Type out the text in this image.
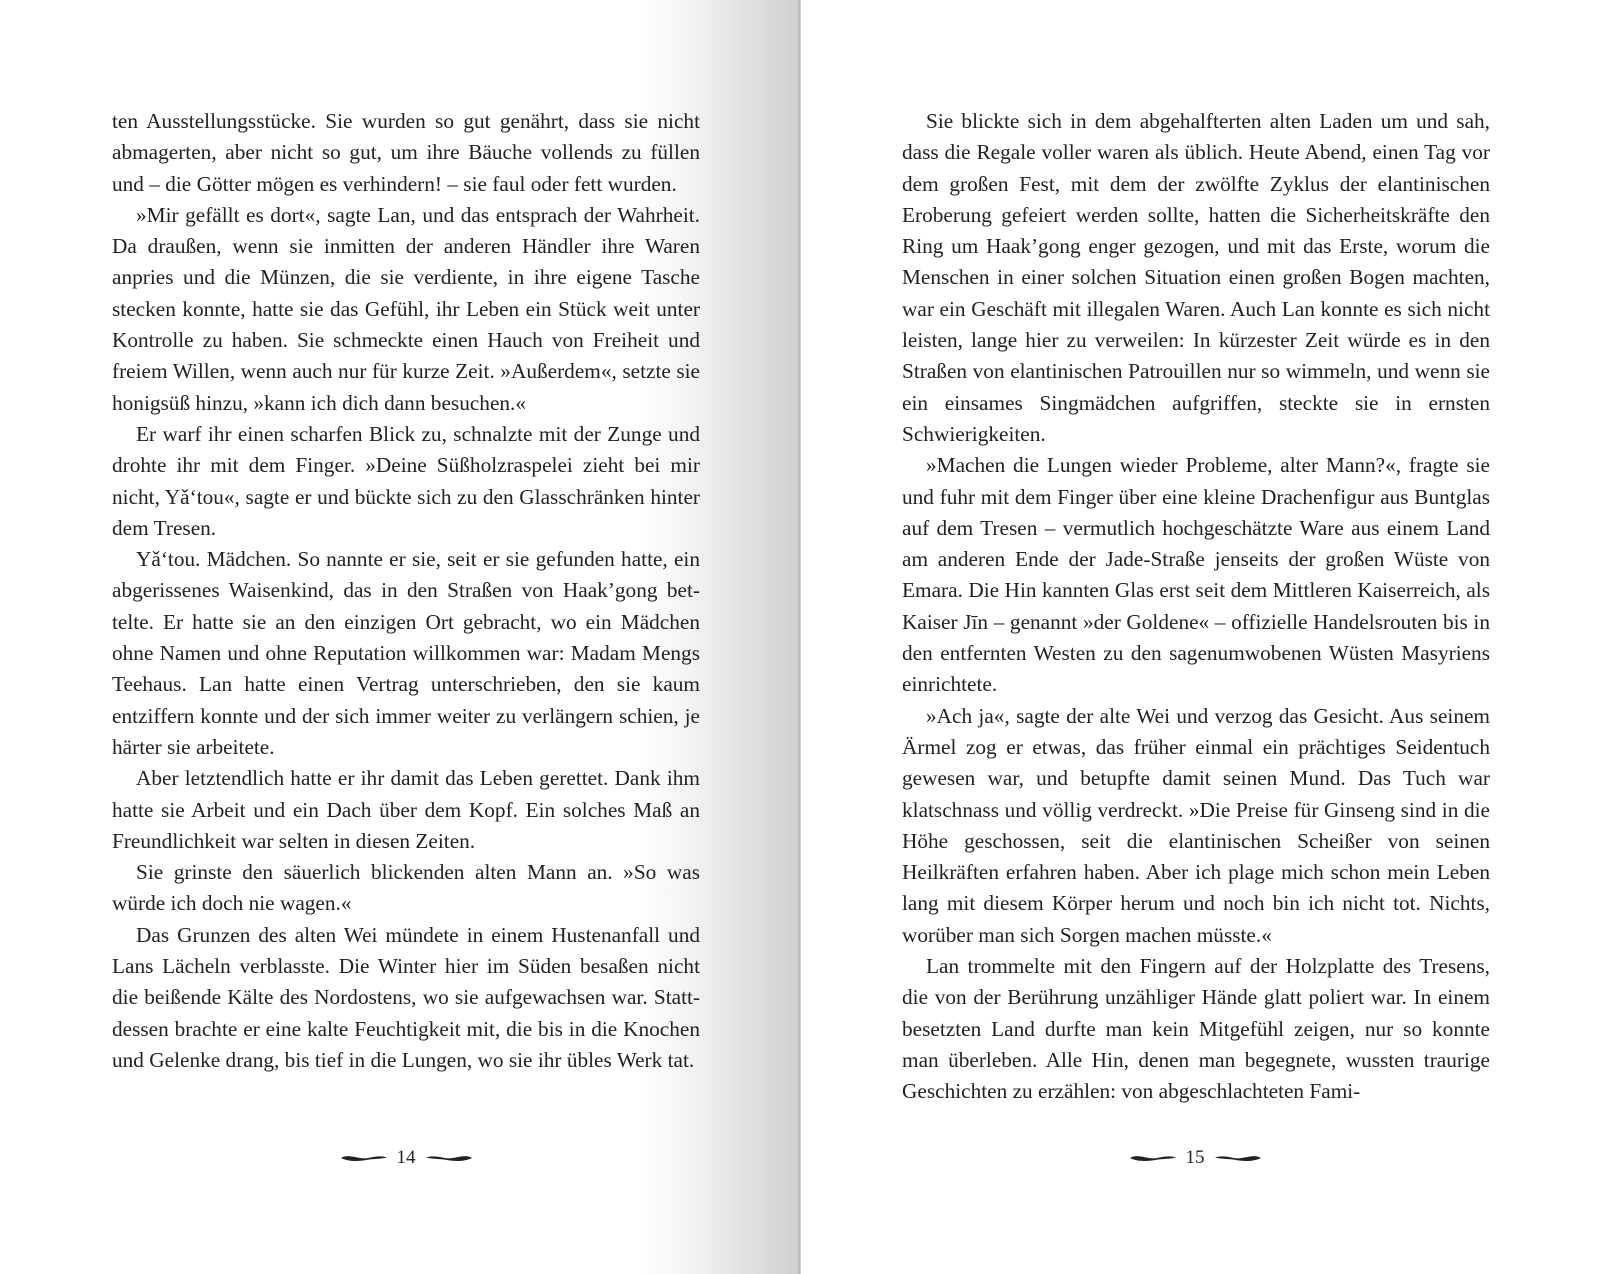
ten Ausstellungsstücke. Sie wurden so gut genährt, dass sie nicht abmagerten, aber nicht so gut, um ihre Bäuche vollends zu füllen und – die Götter mögen es verhindern! – sie faul oder fett wurden.

»Mir gefällt es dort«, sagte Lan, und das entsprach der Wahrheit. Da draußen, wenn sie inmitten der anderen Händler ihre Waren anpries und die Münzen, die sie verdiente, in ihre eigene Tasche stecken konnte, hatte sie das Gefühl, ihr Leben ein Stück weit unter Kontrolle zu haben. Sie schmeckte einen Hauch von Freiheit und freiem Willen, wenn auch nur für kurze Zeit. »Außerdem«, setzte sie honigsüß hinzu, »kann ich dich dann besuchen.«

Er warf ihr einen scharfen Blick zu, schnalzte mit der Zunge und drohte ihr mit dem Finger. »Deine Süßholzraspelei zieht bei mir nicht, Yǎ‘tou«, sagte er und bückte sich zu den Glasschränken hinter dem Tresen.

Yǎ‘tou. Mädchen. So nannte er sie, seit er sie gefunden hatte, ein abgerissenes Waisenkind, das in den Straßen von Haak’gong bettelte. Er hatte sie an den einzigen Ort gebracht, wo ein Mädchen ohne Namen und ohne Reputation willkommen war: Madam Mengs Teehaus. Lan hatte einen Vertrag unterschrieben, den sie kaum entziffern konnte und der sich immer weiter zu verlängern schien, je härter sie arbeitete.

Aber letztendlich hatte er ihr damit das Leben gerettet. Dank ihm hatte sie Arbeit und ein Dach über dem Kopf. Ein solches Maß an Freundlichkeit war selten in diesen Zeiten.

Sie grinste den säuerlich blickenden alten Mann an. »So was würde ich doch nie wagen.«

Das Grunzen des alten Wei mündete in einem Hustenanfall und Lans Lächeln verblasste. Die Winter hier im Süden besaßen nicht die beißende Kälte des Nordostens, wo sie aufgewachsen war. Stattdessen brachte er eine kalte Feuchtigkeit mit, die bis in die Knochen und Gelenke drang, bis tief in die Lungen, wo sie ihr übles Werk tat.

14

Sie blickte sich in dem abgehalfterten alten Laden um und sah, dass die Regale voller waren als üblich. Heute Abend, einen Tag vor dem großen Fest, mit dem der zwölfte Zyklus der elantinischen Eroberung gefeiert werden sollte, hatten die Sicherheitskräfte den Ring um Haak’gong enger gezogen, und mit das Erste, worum die Menschen in einer solchen Situation einen großen Bogen machten, war ein Geschäft mit illegalen Waren. Auch Lan konnte es sich nicht leisten, lange hier zu verweilen: In kürzester Zeit würde es in den Straßen von elantinischen Patrouillen nur so wimmeln, und wenn sie ein einsames Singmädchen aufgriffen, steckte sie in ernsten Schwierigkeiten.

»Machen die Lungen wieder Probleme, alter Mann?«, fragte sie und fuhr mit dem Finger über eine kleine Drachenfigur aus Buntglas auf dem Tresen – vermutlich hochgeschätzte Ware aus einem Land am anderen Ende der Jade-Straße jenseits der großen Wüste von Emara. Die Hin kannten Glas erst seit dem Mittleren Kaiserreich, als Kaiser Jīn – genannt »der Goldene« – offizielle Handelsrouten bis in den entfernten Westen zu den sagenumwobenen Wüsten Masyriens einrichtete.

»Ach ja«, sagte der alte Wei und verzog das Gesicht. Aus seinem Ärmel zog er etwas, das früher einmal ein prächtiges Seidentuch gewesen war, und betupfte damit seinen Mund. Das Tuch war klatschnass und völlig verdreckt. »Die Preise für Ginseng sind in die Höhe geschossen, seit die elantinischen Scheißer von seinen Heilkräften erfahren haben. Aber ich plage mich schon mein Leben lang mit diesem Körper herum und noch bin ich nicht tot. Nichts, worüber man sich Sorgen machen müsste.«

Lan trommelte mit den Fingern auf der Holzplatte des Tresens, die von der Berührung unzähliger Hände glatt poliert war. In einem besetzten Land durfte man kein Mitgefühl zeigen, nur so konnte man überleben. Alle Hin, denen man begegnete, wussten traurige Geschichten zu erzählen: von abgeschlachteten Fami-

15
